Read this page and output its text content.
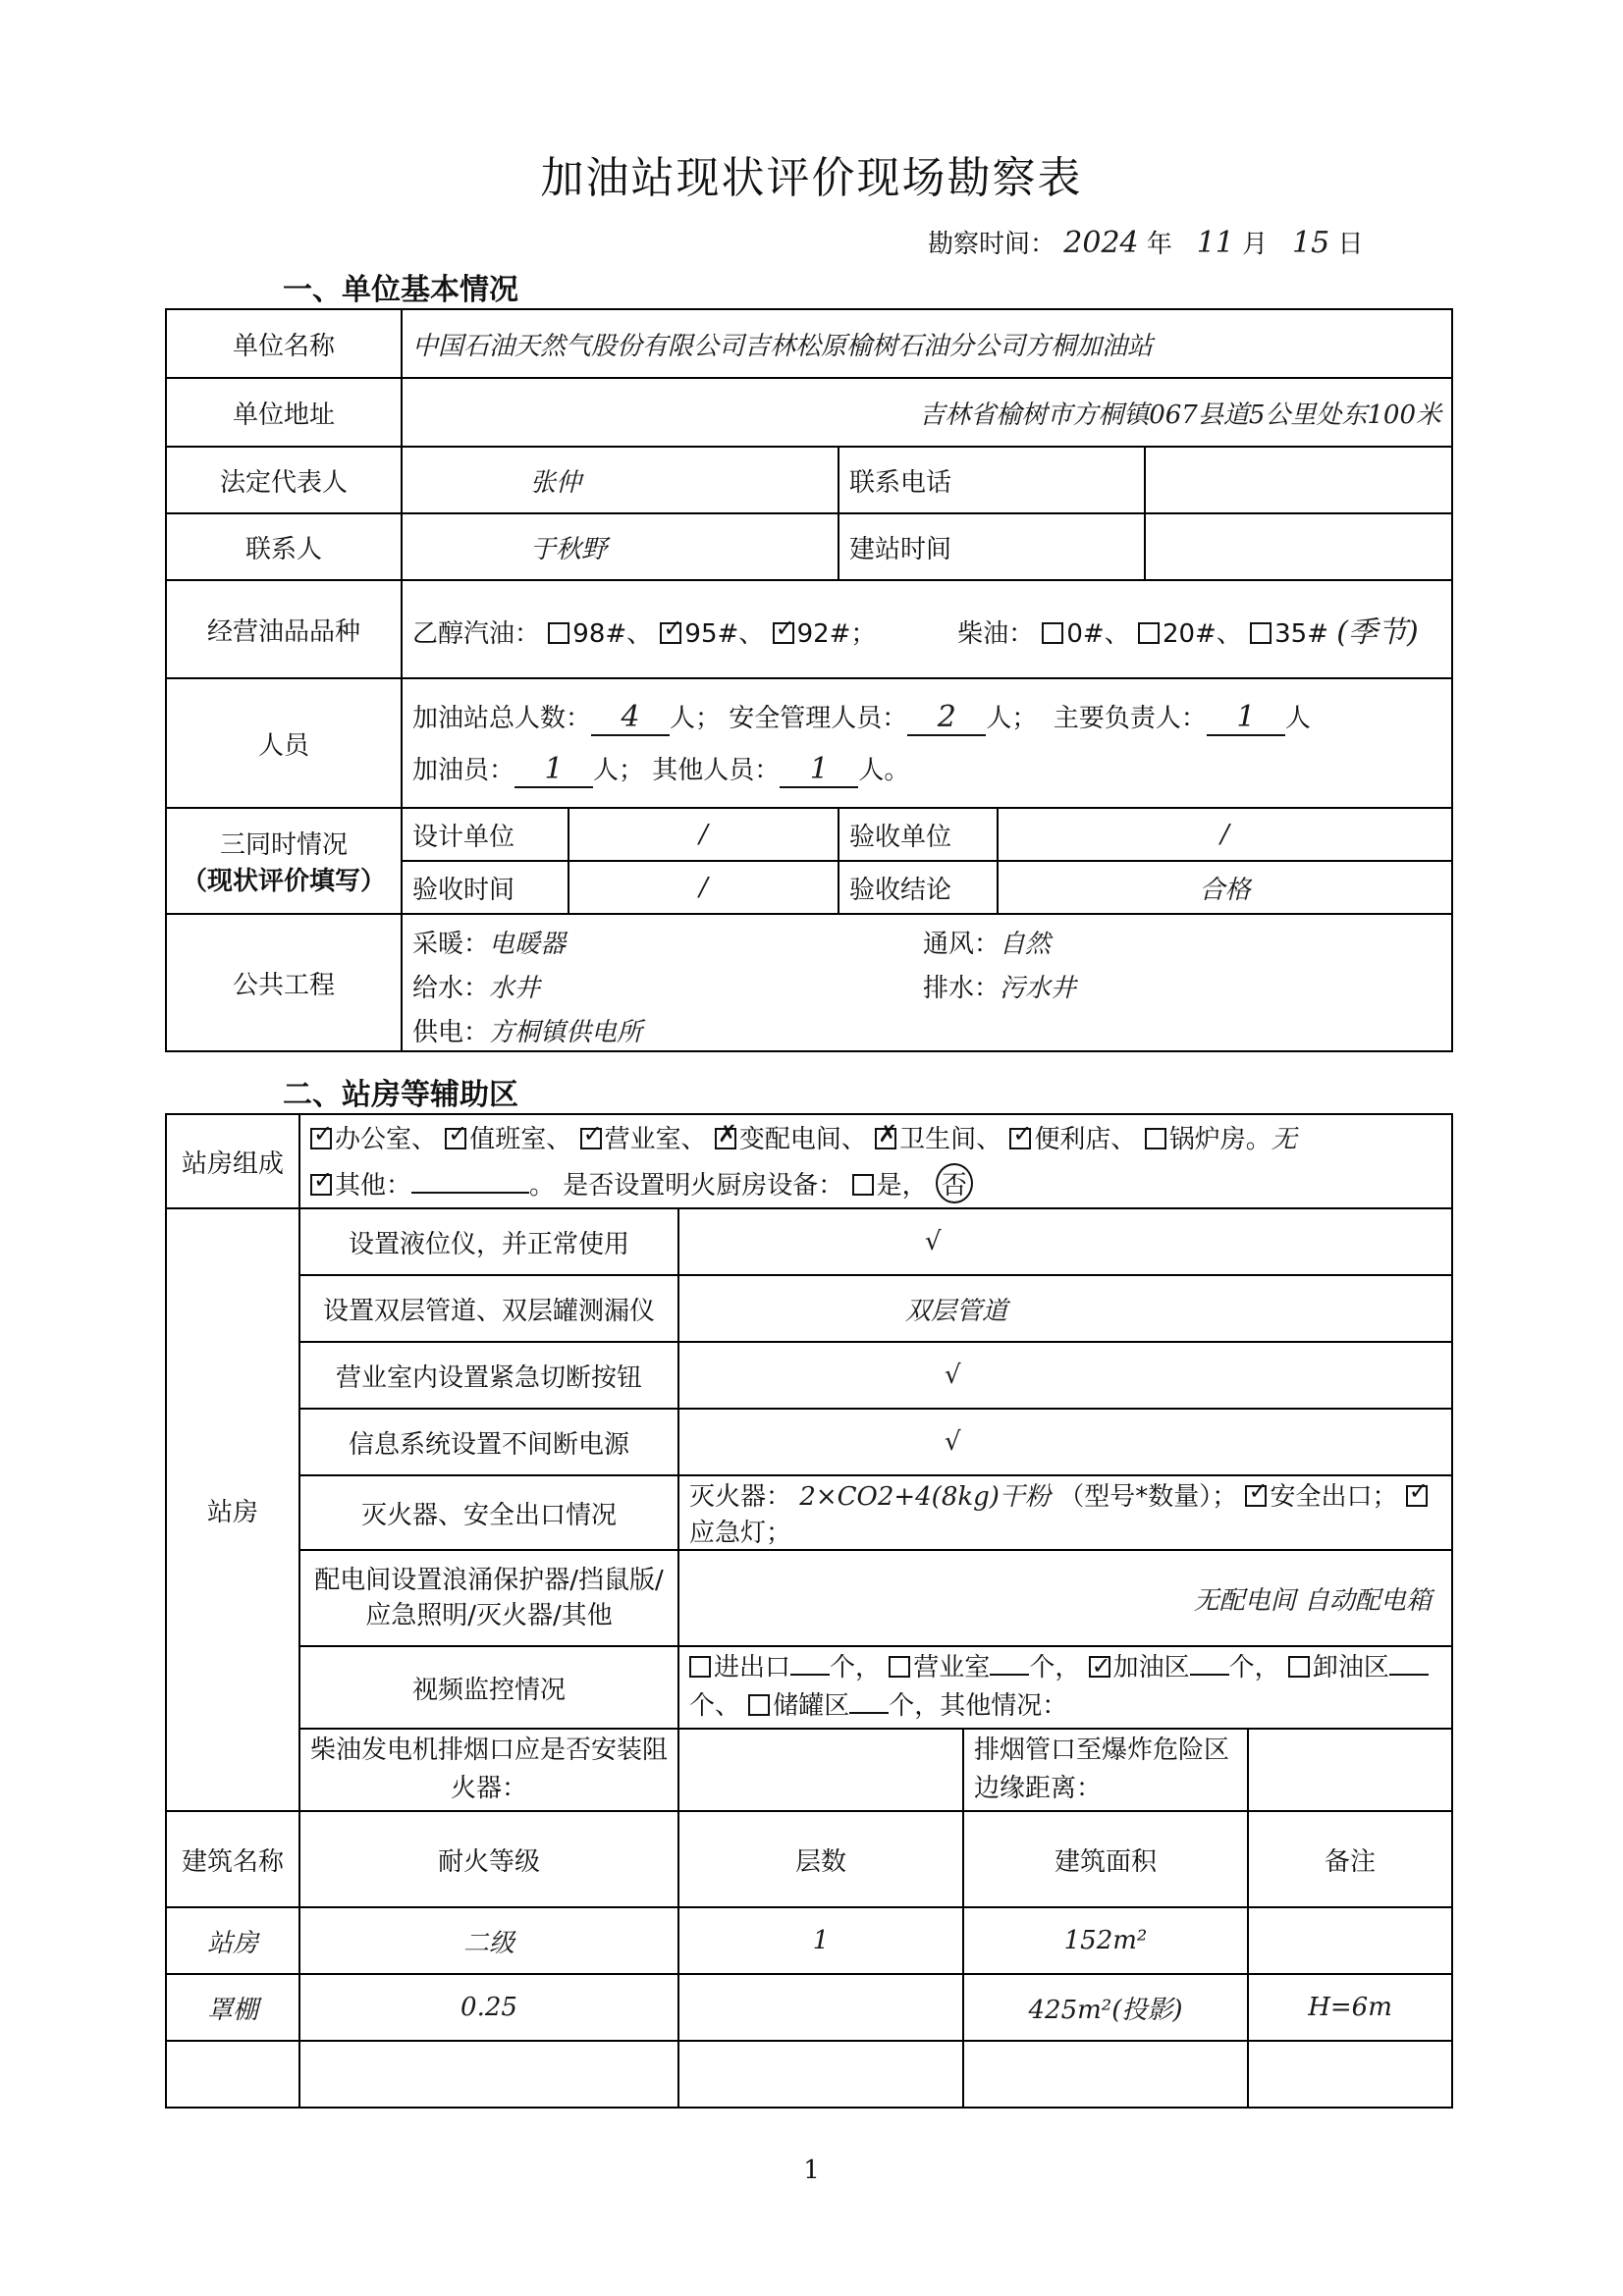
加油站现状评价现场勘察表
勘察时间： 2024 年 11 月 15 日
一、单位基本情况
单位名称	中国石油天然气股份有限公司吉林松原榆树石油分公司方桐加油站				
单位地址	吉林省榆树市方桐镇067县道5公里处东100米				
法定代表人	张仲		联系电话		
联系人	于秋野		建站时间		
经营油品品种	乙醇汽油： 98#、 ✓ 95#、 ✓ 92#； 柴油： 0#、 20#、 35# (季节)
人员	加油站总人数： 4 人； 安全管理人员： 2 人； 主要负责人： 1 人
加油员： 1 人； 其他人员： 1 人。				

三同时情况
（现状评价填写）	设计单位	/	验收单位	/	
	验收时间	/	验收结论	合格	
公共工程	采暖：电暖器 通风：自然
给水：水井 排水：污水井
供电：方桐镇供电所				
二、站房等辅助区
站房组成	
✓办公室、 ✓ 值班室、 ✓ 营业室、 ✗ 变配电间、 ✗ 卫生间、 ✓ 便利店、 锅炉房。无
✓其他： 。 是否设置明火厨房设备： 是， 否

站房	设置液位仪，并正常使用	√		
	设置双层管道、双层罐测漏仪	双层管道		
	营业室内设置紧急切断按钮	√		
	信息系统设置不间断电源	√		
	灭火器、安全出口情况	灭火器： 2×CO2+4(8kg)干粉 （型号*数量）； ✓ 安全出口； ✓应急灯；
	配电间设置浪涌保护器/挡鼠版/应急照明/灭火器/其他	无配电间 自动配电箱		
	视频监控情况	进出口 个， 营业室 个， ✓ 加油区 个， 卸油区 个、 储罐区 个，其他情况：
	柴油发电机排烟口应是否安装阻火器：		排烟管口至爆炸危险区边缘距离：	
建筑名称	耐火等级	层数	建筑面积	备注
站房	二级	1	152m²	
罩棚	0.25		425m²(投影)	H=6m

1
